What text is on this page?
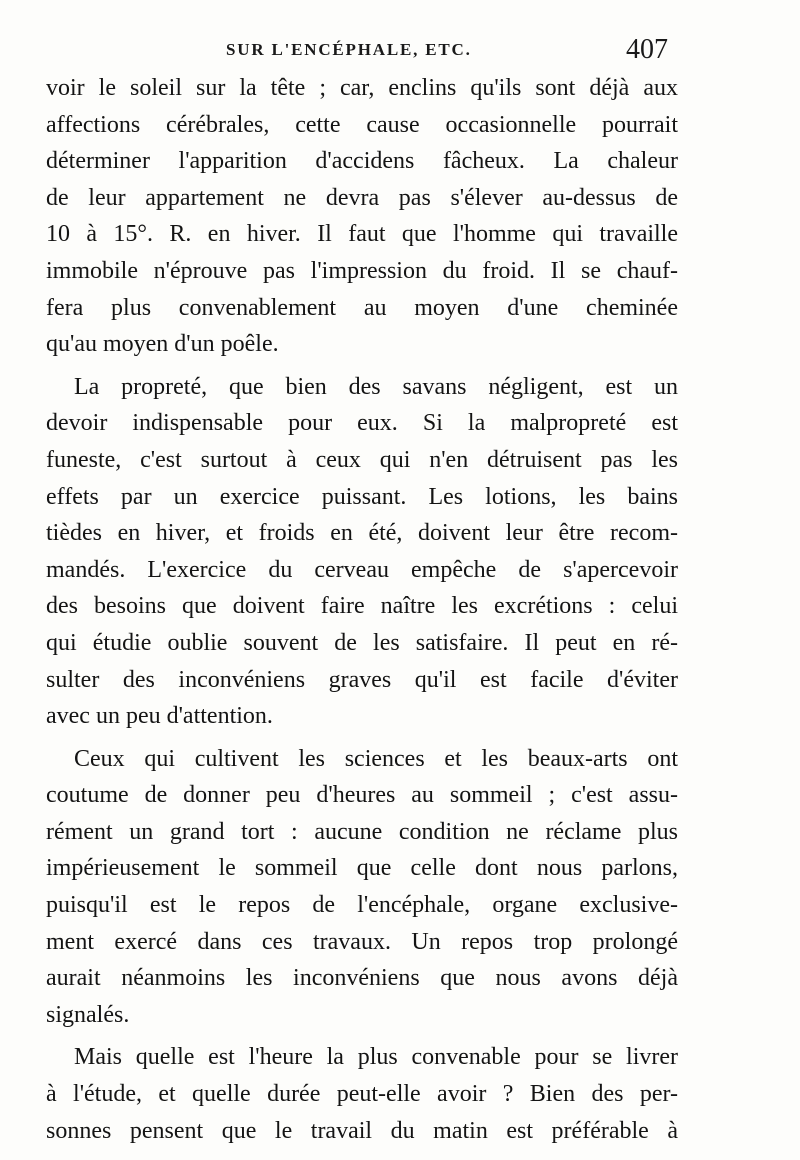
SUR L'ENCÉPHALE, ETC.	407
voir le soleil sur la tête ; car, enclins qu'ils sont déjà aux
affections cérébrales, cette cause occasionnelle pourrait
déterminer l'apparition d'accidens fâcheux. La chaleur
de leur appartement ne devra pas s'élever au-dessus de
10 à 15°. R. en hiver. Il faut que l'homme qui travaille
immobile n'éprouve pas l'impression du froid. Il se chauf-
fera plus convenablement au moyen d'une cheminée
qu'au moyen d'un poêle.
La propreté, que bien des savans négligent, est un
devoir indispensable pour eux. Si la malpropreté est
funeste, c'est surtout à ceux qui n'en détruisent pas les
effets par un exercice puissant. Les lotions, les bains
tièdes en hiver, et froids en été, doivent leur être recom-
mandés. L'exercice du cerveau empêche de s'apercevoir
des besoins que doivent faire naître les excrétions : celui
qui étudie oublie souvent de les satisfaire. Il peut en ré-
sulter des inconvéniens graves qu'il est facile d'éviter
avec un peu d'attention.
Ceux qui cultivent les sciences et les beaux-arts ont
coutume de donner peu d'heures au sommeil ; c'est assu-
rément un grand tort : aucune condition ne réclame plus
impérieusement le sommeil que celle dont nous parlons,
puisqu'il est le repos de l'encéphale, organe exclusive-
ment exercé dans ces travaux. Un repos trop prolongé
aurait néanmoins les inconvéniens que nous avons déjà
signalés.
Mais quelle est l'heure la plus convenable pour se livrer
à l'étude, et quelle durée peut-elle avoir ? Bien des per-
sonnes pensent que le travail du matin est préférable à
